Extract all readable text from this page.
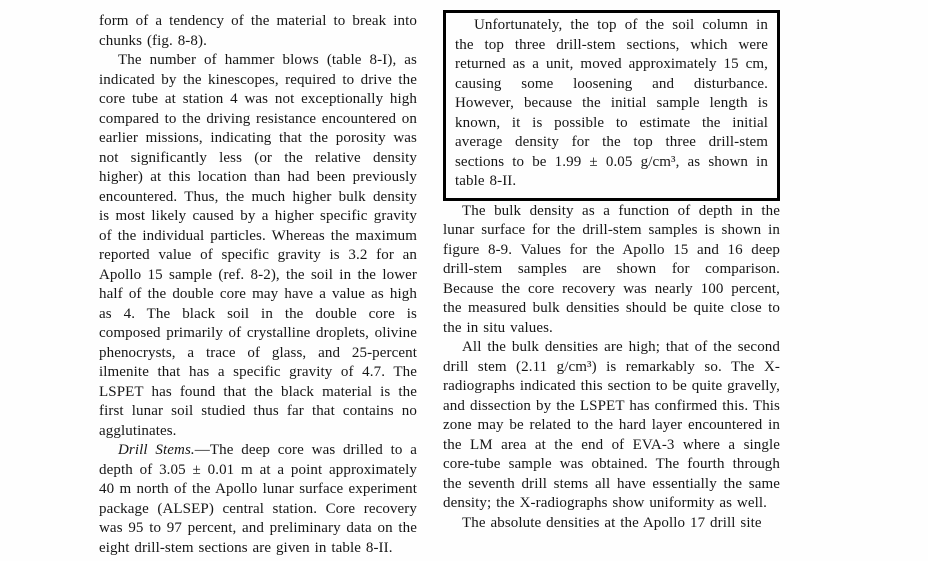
form of a tendency of the material to break into chunks (fig. 8-8).

The number of hammer blows (table 8-I), as indicated by the kinescopes, required to drive the core tube at station 4 was not exceptionally high compared to the driving resistance encountered on earlier missions, indicating that the porosity was not significantly less (or the relative density higher) at this location than had been previously encountered. Thus, the much higher bulk density is most likely caused by a higher specific gravity of the individual particles. Whereas the maximum reported value of specific gravity is 3.2 for an Apollo 15 sample (ref. 8-2), the soil in the lower half of the double core may have a value as high as 4. The black soil in the double core is composed primarily of crystalline droplets, olivine phenocrysts, a trace of glass, and 25-percent ilmenite that has a specific gravity of 4.7. The LSPET has found that the black material is the first lunar soil studied thus far that contains no agglutinates.

Drill Stems.—The deep core was drilled to a depth of 3.05 ± 0.01 m at a point approximately 40 m north of the Apollo lunar surface experiment package (ALSEP) central station. Core recovery was 95 to 97 percent, and preliminary data on the eight drill-stem sections are given in table 8-II.

Unfortunately, the top of the soil column in the top three drill-stem sections, which were returned as a unit, moved approximately 15 cm, causing some loosening and disturbance. However, because the initial sample length is known, it is possible to estimate the initial average density for the top three drill-stem sections to be 1.99 ± 0.05 g/cm³, as shown in table 8-II.

The bulk density as a function of depth in the lunar surface for the drill-stem samples is shown in figure 8-9. Values for the Apollo 15 and 16 deep drill-stem samples are shown for comparison. Because the core recovery was nearly 100 percent, the measured bulk densities should be quite close to the in situ values.

All the bulk densities are high; that of the second drill stem (2.11 g/cm³) is remarkably so. The X-radiographs indicated this section to be quite gravelly, and dissection by the LSPET has confirmed this. This zone may be related to the hard layer encountered in the LM area at the end of EVA-3 where a single core-tube sample was obtained. The fourth through the seventh drill stems all have essentially the same density; the X-radiographs show uniformity as well.

The absolute densities at the Apollo 17 drill site
